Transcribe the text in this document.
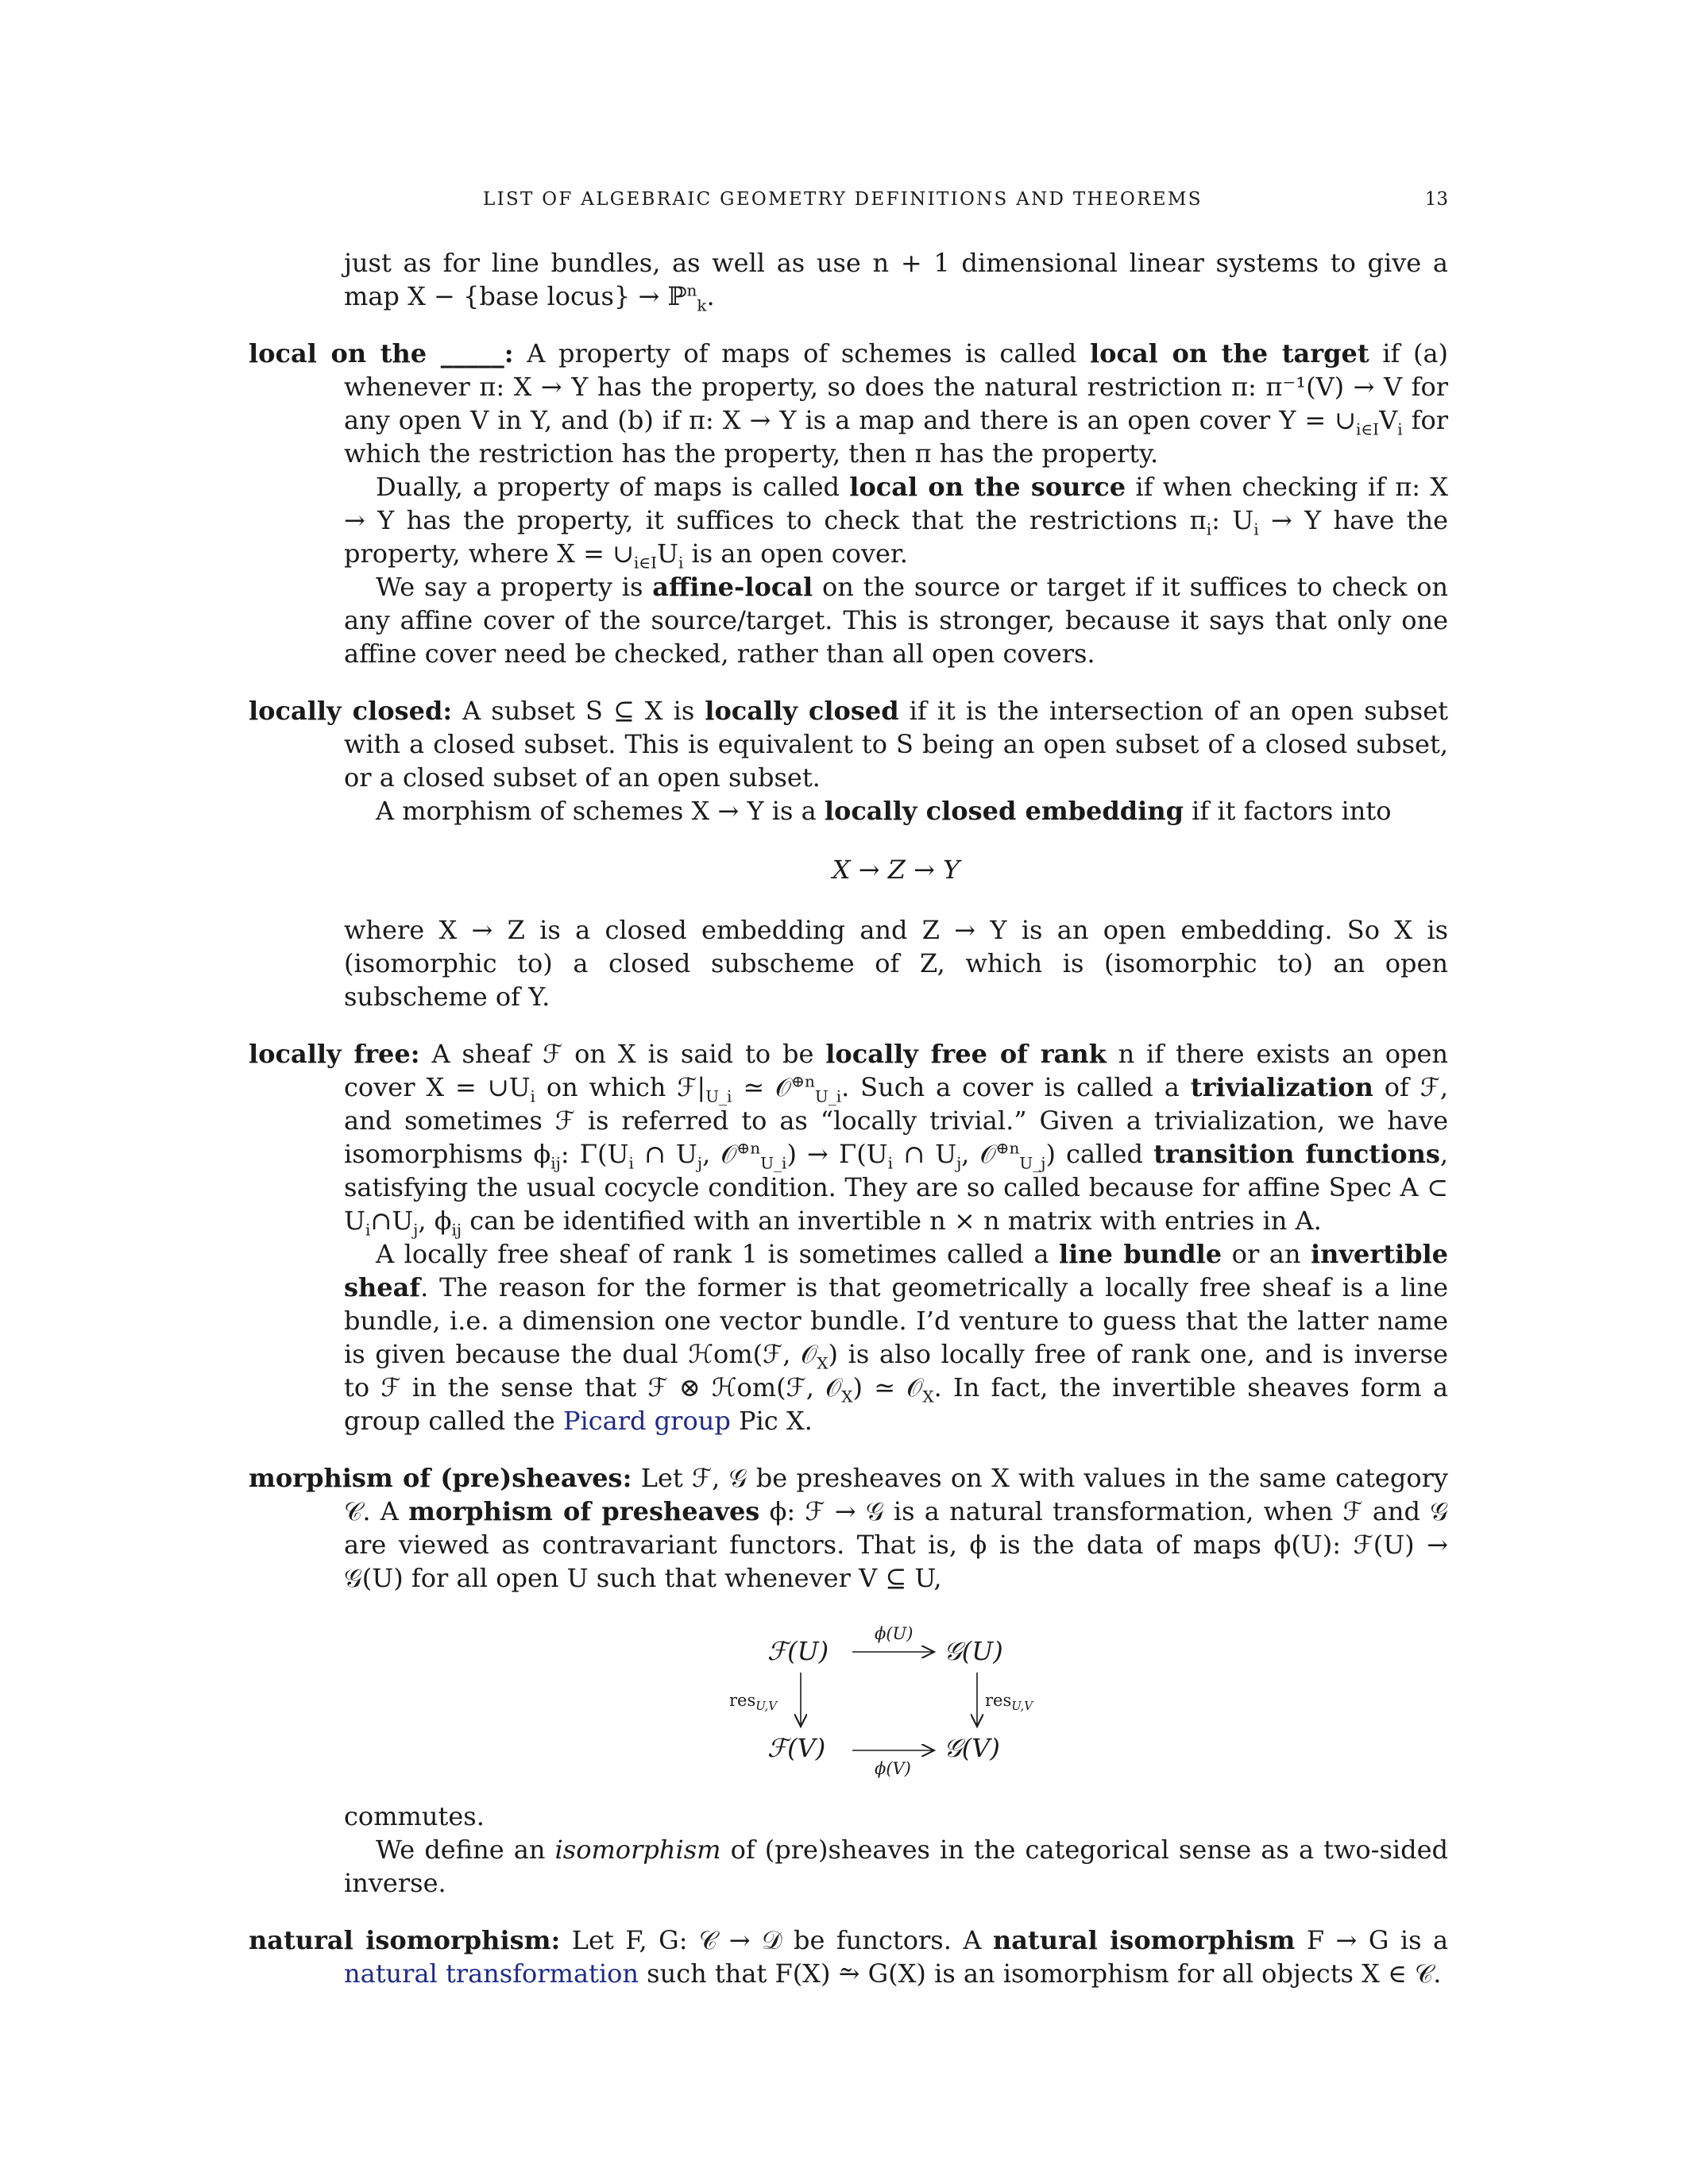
LIST OF ALGEBRAIC GEOMETRY DEFINITIONS AND THEOREMS	13

just as for line bundles, as well as use n + 1 dimensional linear systems to give a map X − {base locus} → ℙ$^n_k$.

local on the _____: A property of maps of schemes is called local on the target if (a) whenever π: X → Y has the property, so does the natural restriction π: π⁻¹(V) → V for any open V in Y, and (b) if π: X → Y is a map and there is an open cover $Y = \cup_{i\in I}V_i$ for which the restriction has the property, then π has the property.

Dually, a property of maps is called local on the source if when checking if π: X → Y has the property, it suffices to check that the restrictions $\pi_i$: $U_i \to Y$ have the property, where $X = \cup_{i\in I}U_i$ is an open cover.

We say a property is affine-local on the source or target if it suffices to check on any affine cover of the source/target. This is stronger, because it says that only one affine cover need be checked, rather than all open covers.

locally closed: A subset S ⊆ X is locally closed if it is the intersection of an open subset with a closed subset. This is equivalent to S being an open subset of a closed subset, or a closed subset of an open subset.

A morphism of schemes X → Y is a locally closed embedding if it factors into

X → Z → Y

where X → Z is a closed embedding and Z → Y is an open embedding. So X is (isomorphic to) a closed subscheme of Z, which is (isomorphic to) an open subscheme of Y.

locally free: A sheaf ℱ on X is said to be locally free of rank n if there exists an open cover $X = \cup U_i$ on which $ℱ|_{U\_i}$ ≃ 𝒪$^{\oplus n}_{U\_i}$. Such a cover is called a trivialization of ℱ, and sometimes ℱ is referred to as “locally trivial.” Given a trivialization, we have isomorphisms $\phi_{ij}$: $\Gamma(U_i$ ∩ $U_j$, 𝒪$^{\oplus n}_{U\_i}$) → $\Gamma(U_i$ ∩ $U_j$, 𝒪$^{\oplus n}_{U\_j}$) called transition functions, satisfying the usual cocycle condition. They are so called because for affine Spec A ⊂ $U_i\cap U_j$, $\phi_{ij}$ can be identified with an invertible n × n matrix with entries in A.

A locally free sheaf of rank 1 is sometimes called a line bundle or an invertible sheaf. The reason for the former is that geometrically a locally free sheaf is a line bundle, i.e. a dimension one vector bundle. I’d venture to guess that the latter name is given because the dual ℋom(ℱ, 𝒪$_X$) is also locally free of rank one, and is inverse to ℱ in the sense that ℱ ⊗ ℋom(ℱ, 𝒪$_X$) ≃ 𝒪$_X$. In fact, the invertible sheaves form a group called the Picard group Pic X.

morphism of (pre)sheaves: Let ℱ, 𝒢 be presheaves on X with values in the same category 𝒞. A morphism of presheaves ϕ: ℱ → 𝒢 is a natural transformation, when ℱ and 𝒢 are viewed as contravariant functors. That is, ϕ is the data of maps ϕ(U): ℱ(U) → 𝒢(U) for all open U such that whenever V ⊆ U,

ℱ(U)	𝒢(U)
ℱ(V)	𝒢(V)
ϕ(U)
ϕ(V)
res$_{U,V}$	res$_{U,V}$

commutes.

We define an isomorphism of (pre)sheaves in the categorical sense as a two-sided inverse.

natural isomorphism: Let F, G: 𝒞 → 𝒟 be functors. A natural isomorphism F → G is a natural transformation such that F(X) ⥲ G(X) is an isomorphism for all objects X ∈ 𝒞.
